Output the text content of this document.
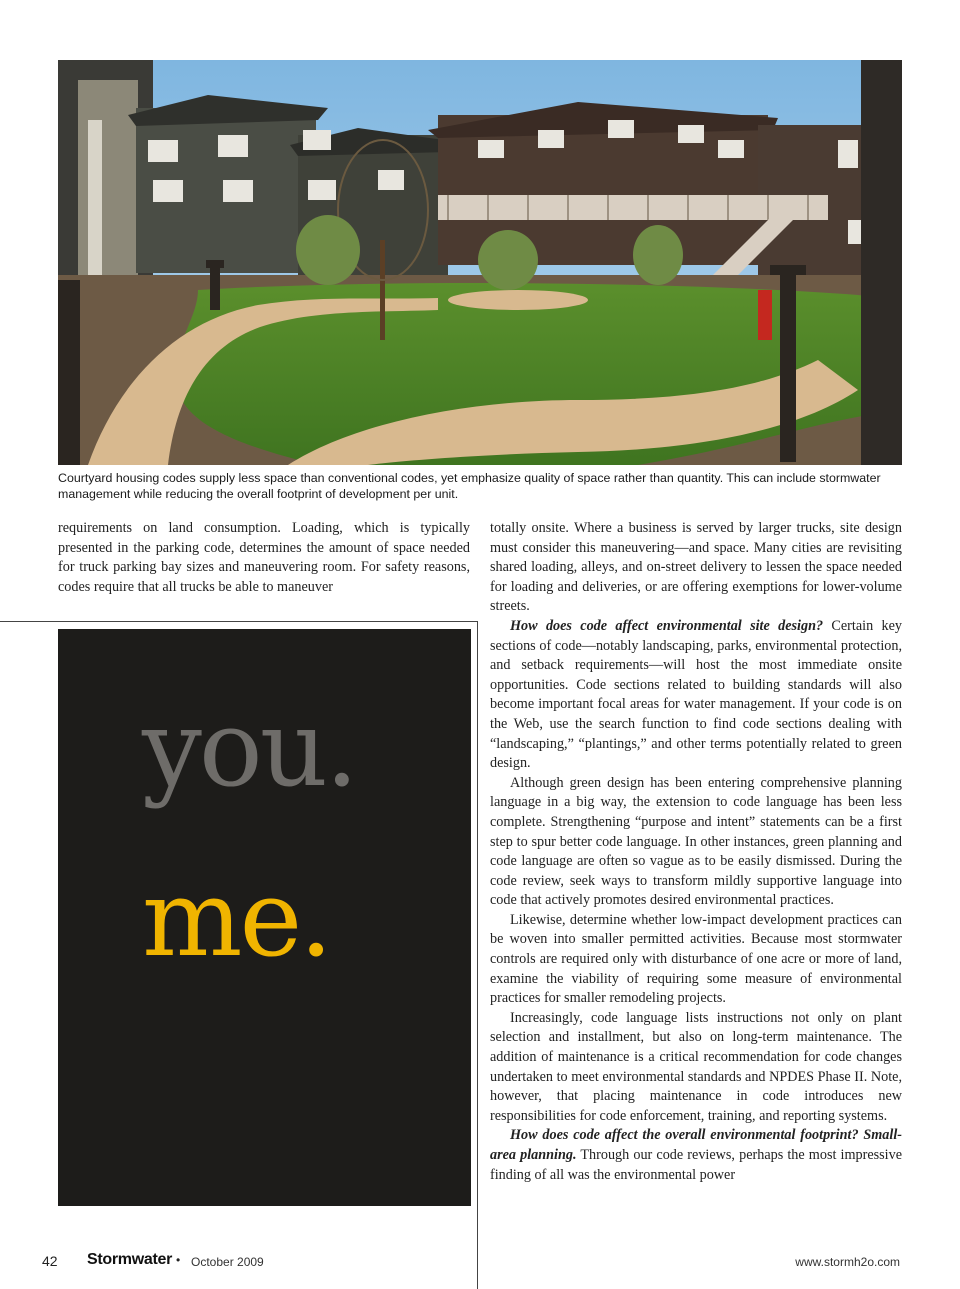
Courtyard housing codes supply less space than conventional codes, yet emphasize quality of space rather than quantity. This can include stormwater management while reducing the overall footprint of development per unit.

requirements on land consumption. Loading, which is typically presented in the parking code, determines the amount of space needed for truck parking bay sizes and maneuvering room. For safety reasons, codes require that all trucks be able to maneuver

you.

me.

totally onsite. Where a business is served by larger trucks, site design must consider this maneuvering—and space. Many cities are revisiting shared loading, alleys, and on-street delivery to lessen the space needed for loading and deliveries, or are offering exemptions for lower-volume streets.

How does code affect environmental site design? Certain key sections of code—notably landscaping, parks, environmental protection, and setback requirements—will host the most immediate onsite opportunities. Code sections related to building standards will also become important focal areas for water management. If your code is on the Web, use the search function to find code sections dealing with “landscaping,” “plantings,” and other terms potentially related to green design.

Although green design has been entering comprehensive planning language in a big way, the extension to code language has been less complete. Strengthening “purpose and intent” statements can be a first step to spur better code language. In other instances, green planning and code language are often so vague as to be easily dismissed. During the code review, seek ways to transform mildly supportive language into code that actively promotes desired environmental practices.

Likewise, determine whether low-impact development practices can be woven into smaller permitted activities. Because most stormwater controls are required only with disturbance of one acre or more of land, examine the viability of requiring some measure of environmental practices for smaller remodeling projects.

Increasingly, code language lists instructions not only on plant selection and installment, but also on long-term maintenance. The addition of maintenance is a critical recommendation for code changes undertaken to meet environmental standards and NPDES Phase II. Note, however, that placing maintenance in code introduces new responsibilities for code enforcement, training, and reporting systems.

How does code affect the overall environmental footprint? Small-area planning. Through our code reviews, perhaps the most impressive finding of all was the environmental power

42 Stormwater • October 2009	www.stormh2o.com
